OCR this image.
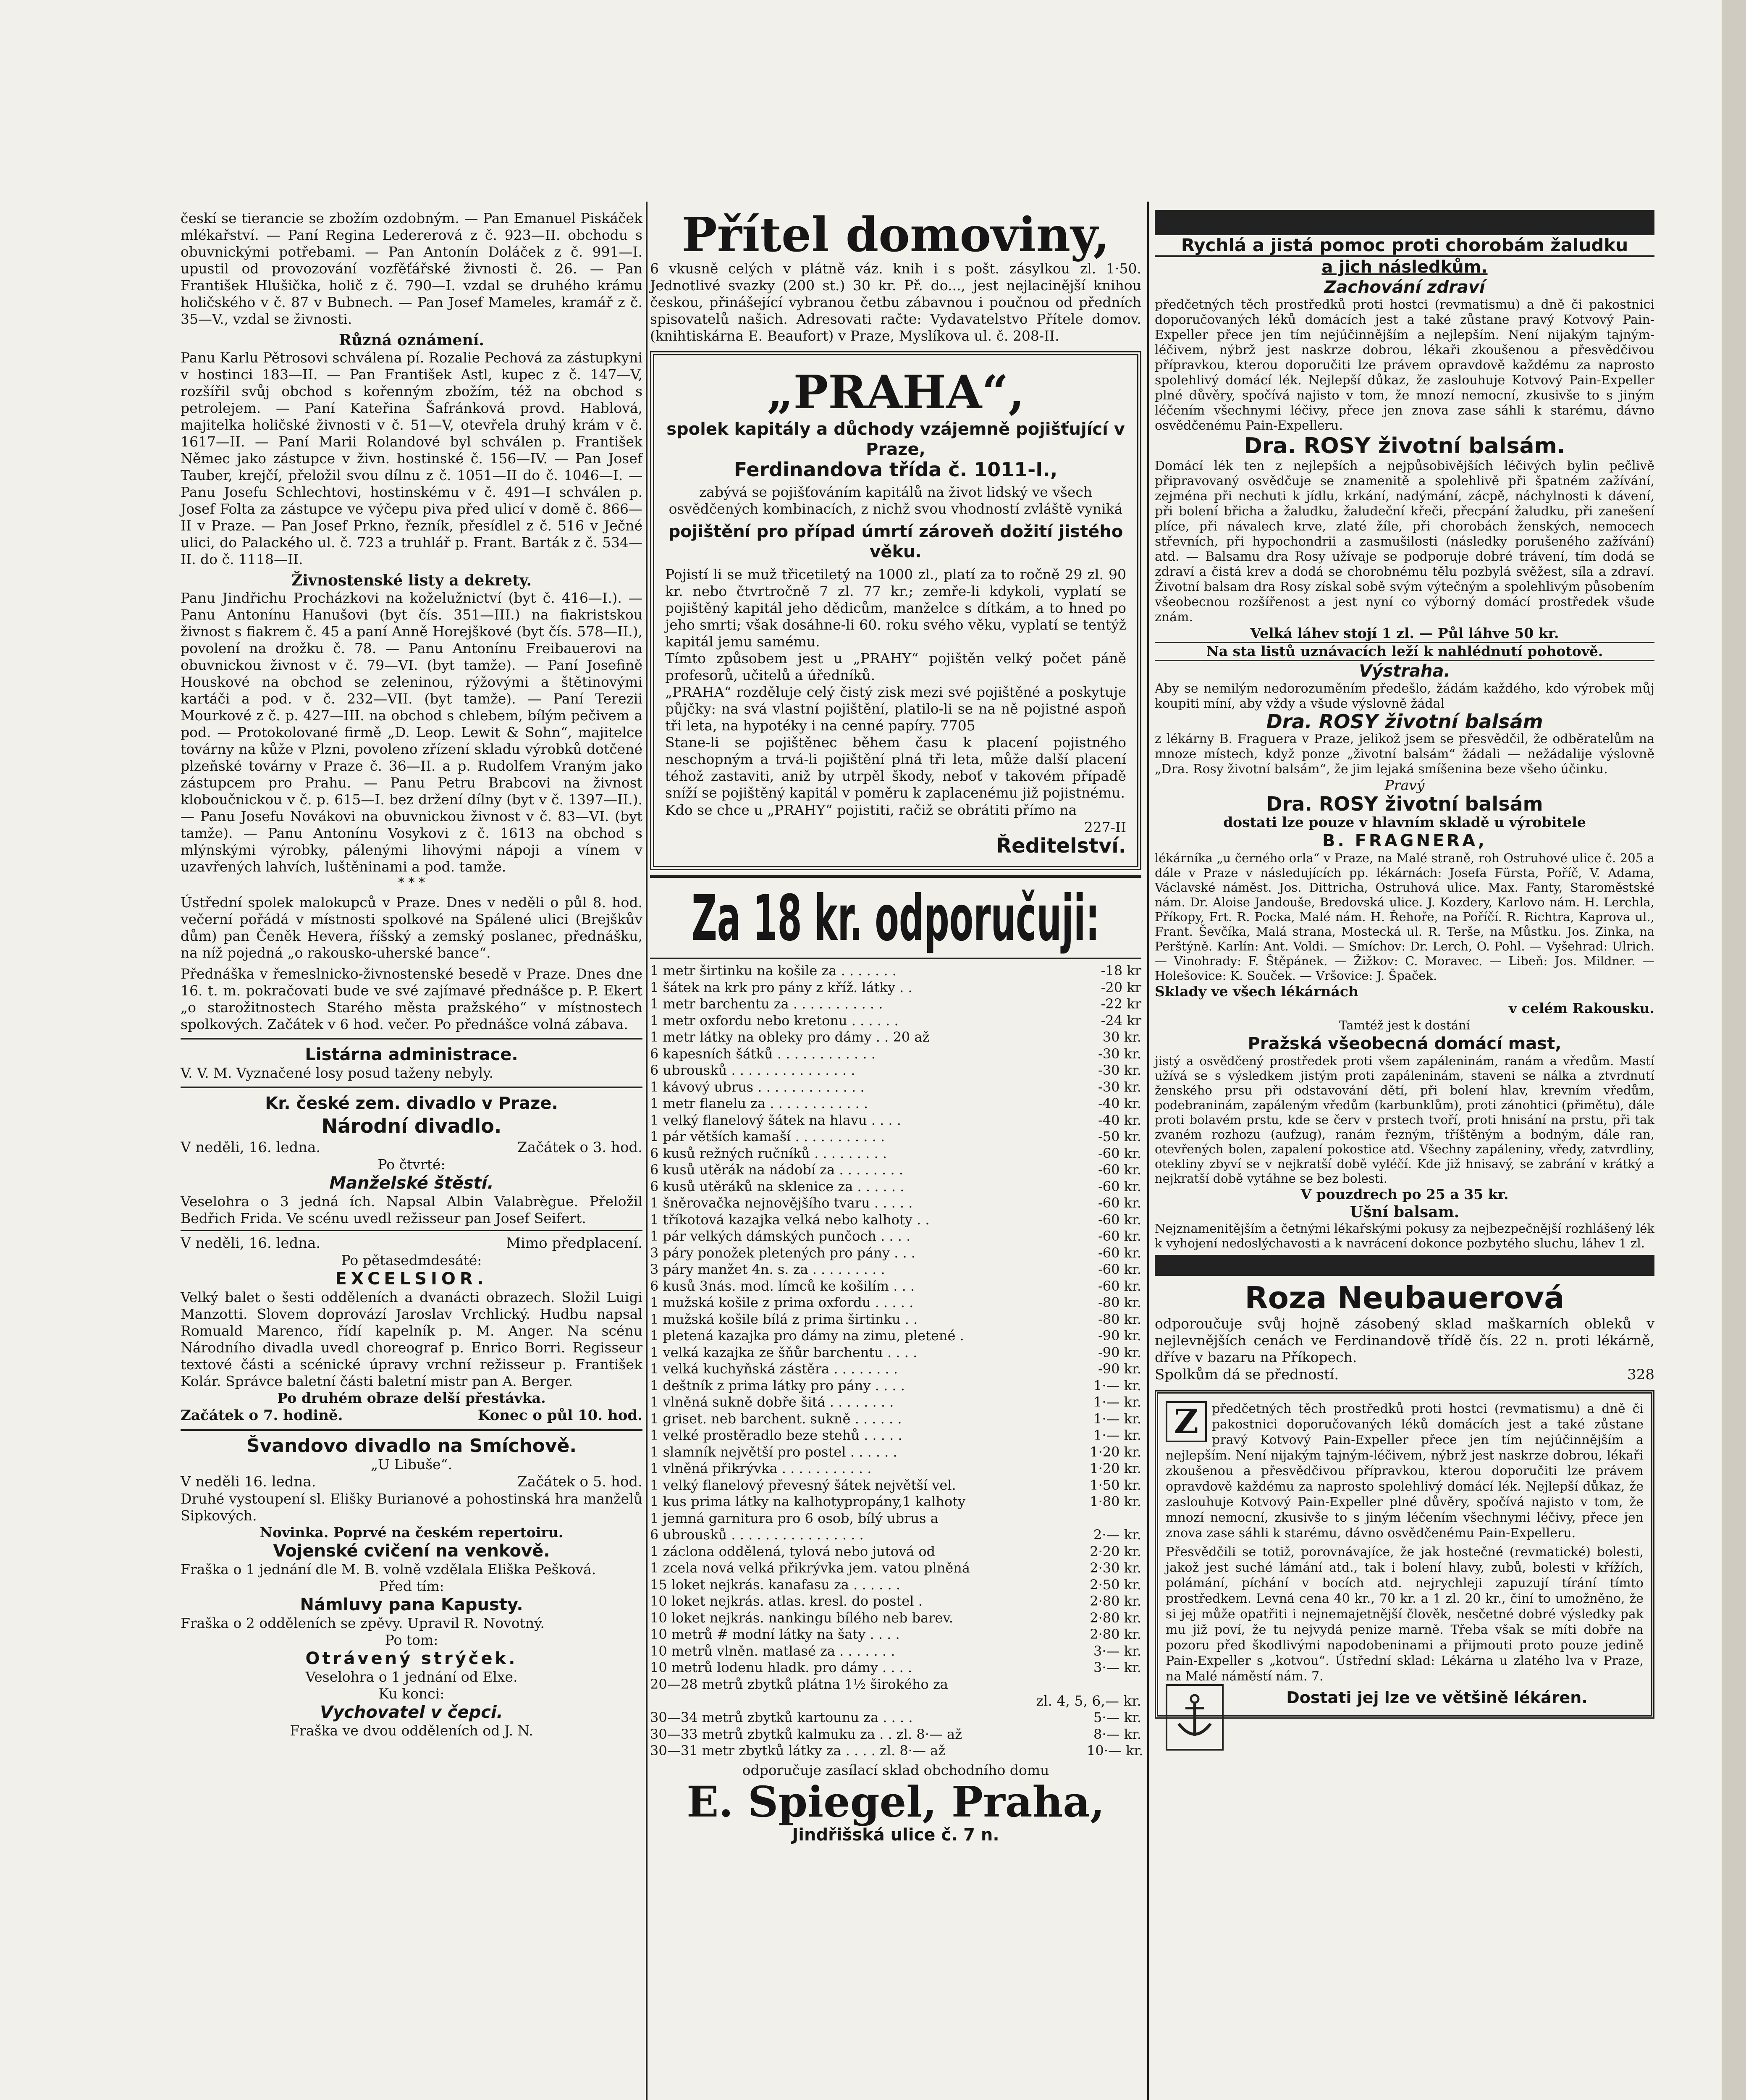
českí se tierancie se zbožím ozdobným. — Pan Emanuel Piskáček mlékařství. — Paní Regina Ledererová z č. 923—II. obchodu s obuvnickými potřebami. — Pan Antonín Doláček z č. 991—I. upustil od provozování vozfěťářské živnosti č. 26. — Pan František Hlušička, holič z č. 790—I. vzdal se druhého krámu holičského v č. 87 v Bubnech. — Pan Josef Mameles, kramář z č. 35—V., vzdal se živnosti.

Různá oznámení.

Panu Karlu Pětrosovi schválena pí. Rozalie Pechová za zástupkyni v hostinci 183—II. — Pan František Astl, kupec z č. 147—V, rozšířil svůj obchod s kořenným zbožím, též na obchod s petrolejem. — Paní Kateřina Šafránková provd. Hablová, majitelka holičské živnosti v č. 51—V, otevřela druhý krám v č. 1617—II. — Paní Marii Rolandové byl schválen p. František Němec jako zástupce v živn. hostinské č. 156—IV. — Pan Josef Tauber, krejčí, přeložil svou dílnu z č. 1051—II do č. 1046—I. — Panu Josefu Schlechtovi, hostinskému v č. 491—I schválen p. Josef Folta za zástupce ve výčepu piva před ulicí v domě č. 866—II v Praze. — Pan Josef Prkno, řezník, přesídlel z č. 516 v Ječné ulici, do Palackého ul. č. 723 a truhlář p. Frant. Barták z č. 534—II. do č. 1118—II.

Živnostenské listy a dekrety.

Panu Jindřichu Procházkovi na koželužnictví (byt č. 416—I.). — Panu Antonínu Hanušovi (byt čís. 351—III.) na fiakristskou živnost s fiakrem č. 45 a paní Anně Horejškové (byt čís. 578—II.), povolení na drožku č. 78. — Panu Antonínu Freibauerovi na obuvnickou živnost v č. 79—VI. (byt tamže). — Paní Josefině Houskové na obchod se zeleninou, rýžovými a štětinovými kartáči a pod. v č. 232—VII. (byt tamže). — Paní Terezii Mourkové z č. p. 427—III. na obchod s chlebem, bílým pečivem a pod. — Protokolované firmě „D. Leop. Lewit & Sohn“, majitelce továrny na kůže v Plzni, povoleno zřízení skladu výrobků dotčené plzeňské továrny v Praze č. 36—II. a p. Rudolfem Vraným jako zástupcem pro Prahu. — Panu Petru Brabcovi na živnost kloboučnickou v č. p. 615—I. bez držení dílny (byt v č. 1397—II.). — Panu Josefu Novákovi na obuvnickou živnost v č. 83—VI. (byt tamže). — Panu Antonínu Vosykovi z č. 1613 na obchod s mlýnskými výrobky, pálenými lihovými nápoji a vínem v uzavřených lahvích, luštěninami a pod. tamže.

* * *

Ústřední spolek malokupců v Praze. Dnes v neděli o půl 8. hod. večerní pořádá v místnosti spolkové na Spálené ulici (Brejškův dům) pan Čeněk Hevera, říšský a zemský poslanec, přednášku, na níž pojedná „o rakousko-uherské bance“.

Přednáška v řemeslnicko-živnostenské besedě v Praze. Dnes dne 16. t. m. pokračovati bude ve své zajímavé přednášce p. P. Ekert „o starožitnostech Starého města pražského“ v místnostech spolkových. Začátek v 6 hod. večer. Po přednášce volná zábava.

Listárna administrace.

V. V. M. Vyznačené losy posud taženy nebyly.

Kr. české zem. divadlo v Praze.

Národní divadlo.

V neděli, 16. ledna.	Začátek o 3. hod.

Po čtvrté:

Manželské štěstí.

Veselohra o 3 jedná ích. Napsal Albin Valabrègue. Přeložil Bedřich Frida. Ve scénu uvedl režisseur pan Josef Seifert.

V neděli, 16. ledna.	Mimo předplacení.

Po pětasedmdesáté:

EXCELSIOR.

Velký balet o šesti odděleních a dvanácti obrazech. Složil Luigi Manzotti. Slovem doprovází Jaroslav Vrchlický. Hudbu napsal Romuald Marenco, řídí kapelník p. M. Anger. Na scénu Národního divadla uvedl choreograf p. Enrico Borri. Regisseur textové části a scénické úpravy vrchní režisseur p. František Kolár. Správce baletní části baletní mistr pan A. Berger.

Po druhém obraze delší přestávka.

Začátek o 7. hodině.	Konec o půl 10. hod.

Švandovo divadlo na Smíchově.

„U Libuše“.

V neděli 16. ledna.	Začátek o 5. hod.

Druhé vystoupení sl. Elišky Burianové a pohostinská hra manželů Sipkových.

Novinka. Poprvé na českém repertoiru.

Vojenské cvičení na venkově.

Fraška o 1 jednání dle M. B. volně vzdělala Eliška Pešková.

Před tím:

Námluvy pana Kapusty.

Fraška o 2 odděleních se zpěvy. Upravil R. Novotný.

Po tom:

Otrávený strýček.

Veselohra o 1 jednání od Elxe.

Ku konci:

Vychovatel v čepci.

Fraška ve dvou odděleních od J. N.

Přítel domoviny,

6 vkusně celých v plátně váz. knih i s pošt. zásylkou zl. 1·50. Jednotlivé svazky (200 st.) 30 kr. Př. do..., jest nejlacinější knihou českou, přinášející vybranou četbu zábavnou i poučnou od předních spisovatelů našich. Adresovati račte: Vydavatelstvo Přítele domov. (knihtiskárna E. Beaufort) v Praze, Myslíkova ul. č. 208-II.

„PRAHA“,

spolek kapitály a důchody vzájemně pojišťující v Praze,

Ferdinandova třída č. 1011-I.,

zabývá se pojišťováním kapitálů na život lidský ve všech osvědčených kombinacích, z nichž svou vhodností zvláště vyniká

pojištění pro případ úmrtí zároveň dožití jistého věku.

Pojistí li se muž třicetiletý na 1000 zl., platí za to ročně 29 zl. 90 kr. nebo čtvrtročně 7 zl. 77 kr.; zemře-li kdykoli, vyplatí se pojištěný kapitál jeho dědicům, manželce s dítkám, a to hned po jeho smrti; však dosáhne-li 60. roku svého věku, vyplatí se tentýž kapitál jemu samému.

Tímto způsobem jest u „PRAHY“ pojištěn velký počet páně profesorů, učitelů a úředníků.

„PRAHA“ rozděluje celý čistý zisk mezi své pojištěné a poskytuje půjčky: na svá vlastní pojištění, platilo-li se na ně pojistné aspoň tři leta, na hypotéky i na cenné papíry. 7705

Stane-li se pojištěnec během času k placení pojistného neschopným a trvá-li pojištění plná tři leta, může další placení téhož zastaviti, aniž by utrpěl škody, neboť v takovém případě sníží se pojištěný kapitál v poměru k zaplacenému již pojistnému.

Kdo se chce u „PRAHY“ pojistiti, račiž se obrátiti přímo na

227-II

Ředitelství.

Za 18 kr. odporučuji:

1 metr širtinku na košile za . . . . . . .	-18 kr
1 šátek na krk pro pány z kříž. látky . .	-20 kr
1 metr barchentu za . . . . . . . . . . .	-22 kr
1 metr oxfordu nebo kretonu . . . . . .	-24 kr
1 metr látky na obleky pro dámy . . 20 až	30 kr.
6 kapesních šátků . . . . . . . . . . . .	-30 kr.
6 ubrousků . . . . . . . . . . . . . . .	-30 kr.
1 kávový ubrus . . . . . . . . . . . . .	-30 kr.
1 metr flanelu za . . . . . . . . . . . .	-40 kr.
1 velký flanelový šátek na hlavu . . . .	-40 kr.
1 pár větších kamaší . . . . . . . . . . .	-50 kr.
6 kusů režných ručníků . . . . . . . . .	-60 kr.
6 kusů utěrák na nádobí za . . . . . . . .	-60 kr.
6 kusů utěráků na sklenice za . . . . . .	-60 kr.
1 šněrovačka nejnovějšího tvaru . . . . .	-60 kr.
1 tříkotová kazajka velká nebo kalhoty . .	-60 kr.
1 pár velkých dámských punčoch . . . .	-60 kr.
3 páry ponožek pletených pro pány . . .	-60 kr.
3 páry manžet 4n. s. za . . . . . . . . .	-60 kr.
6 kusů 3nás. mod. límců ke košilím . . .	-60 kr.
1 mužská košile z prima oxfordu . . . . .	-80 kr.
1 mužská košile bílá z prima širtinku . .	-80 kr.
1 pletená kazajka pro dámy na zimu, pletené .	-90 kr.
1 velká kazajka ze šňůr barchentu . . . .	-90 kr.
1 velká kuchyňská zástěra . . . . . . . .	-90 kr.
1 deštník z prima látky pro pány . . . .	1·— kr.
1 vlněná sukně dobře šitá . . . . . . . .	1·— kr.
1 griset. neb barchent. sukně . . . . . .	1·— kr.
1 velké prostěradlo beze stehů . . . . .	1·— kr.
1 slamník největší pro postel . . . . . .	1·20 kr.
1 vlněná přikrývka . . . . . . . . . . .	1·20 kr.
1 velký flanelový převesný šátek největší vel.	1·50 kr.
1 kus prima látky na kalhotypropány,1 kalhoty	1·80 kr.
1 jemná garnitura pro 6 osob, bílý ubrus a
6 ubrousků . . . . . . . . . . . . . . . .	2·— kr.
1 záclona oddělená, tylová nebo jutová od	2·20 kr.
1 zcela nová velká přikrývka jem. vatou plněná	2·30 kr.
15 loket nejkrás. kanafasu za . . . . . .	2·50 kr.
10 loket nejkrás. atlas. kresl. do postel .	2·80 kr.
10 loket nejkrás. nankingu bílého neb barev.	2·80 kr.
10 metrů # modní látky na šaty . . . .	2·80 kr.
10 metrů vlněn. matlasé za . . . . . . .	3·— kr.
10 metrů lodenu hladk. pro dámy . . . .	3·— kr.
20—28 metrů zbytků plátna 1½ širokého za

zl. 4, 5, 6,— kr.

30—34 metrů zbytků kartounu za . . . .	5·— kr.
30—33 metrů zbytků kalmuku za . . zl. 8·— až	8·— kr.
30—31 metr zbytků látky za . . . . zl. 8·— až	10·— kr.

odporučuje zasílací sklad obchodního domu

E. Spiegel, Praha,

Jindřišská ulice č. 7 n.

Rychlá a jistá pomoc proti chorobám žaludku

a jich následkům.

Zachování zdraví

předčetných těch prostředků proti hostci (revmatismu) a dně či pakostnici doporučovaných léků domácích jest a také zůstane pravý Kotvový Pain-Expeller přece jen tím nejúčinnějším a nejlepším. Není nijakým tajným-léčivem, nýbrž jest naskrze dobrou, lékaři zkoušenou a přesvědčivou přípravkou, kterou doporučiti lze právem opravdově každému za naprosto spolehlivý domácí lék. Nejlepší důkaz, že zaslouhuje Kotvový Pain-Expeller plné důvěry, spočívá najisto v tom, že mnozí nemocní, zkusivše to s jiným léčením všechnymi léčivy, přece jen znova zase sáhli k starému, dávno osvědčenému Pain-Expelleru.

Dra. ROSY životní balsám.

Domácí lék ten z nejlepších a nejpůsobivějších léčivých bylin pečlivě připravovaný osvědčuje se znamenitě a spolehlivě při špatném zažívání, zejména při nechuti k jídlu, krkání, nadýmání, zácpě, náchylnosti k dávení, při bolení břicha a žaludku, žaludeční křeči, přecpání žaludku, při zanešení plíce, při návalech krve, zlaté žíle, při chorobách ženských, nemocech střevních, při hypochondrii a zasmušilosti (následky porušeného zažívání) atd. — Balsamu dra Rosy užívaje se podporuje dobré trávení, tím dodá se zdraví a čistá krev a dodá se chorobnému tělu pozbylá svěžest, síla a zdraví. Životní balsam dra Rosy získal sobě svým výtečným a spolehlivým působením všeobecnou rozšířenost a jest nyní co výborný domácí prostředek všude znám.

Velká láhev stojí 1 zl. — Půl láhve 50 kr.

Na sta listů uznávacích leží k nahlédnutí pohotově.

Výstraha.

Aby se nemilým nedorozuměním předešlo, žádám každého, kdo výrobek můj koupiti míní, aby vždy a všude výslovně žádal

Dra. ROSY životní balsám

z lékárny B. Fraguera v Praze, jelikož jsem se přesvědčil, že odběratelům na mnoze místech, když ponze „životní balsám“ žádali — nežádalije výslovně „Dra. Rosy životní balsám“, že jim lejaká smíšenina beze všeho účinku.

Pravý

Dra. ROSY životní balsám

dostati lze pouze v hlavním skladě u výrobitele

B. FRAGNERA,

lékárníka „u černého orla“ v Praze, na Malé straně, roh Ostruhové ulice č. 205 a dále v Praze v následujících pp. lékárnách: Josefa Fürsta, Poříč, V. Adama, Václavské náměst. Jos. Dittricha, Ostruhová ulice. Max. Fanty, Staroměstské nám. Dr. Aloise Jandouše, Bredovská ulice. J. Kozdery, Karlovo nám. H. Lerchla, Příkopy, Frt. R. Pocka, Malé nám. H. Řehoře, na Poříčí. R. Richtra, Kaprova ul., Frant. Ševčíka, Malá strana, Mostecká ul. R. Terše, na Můstku. Jos. Zinka, na Perštýně. Karlín: Ant. Voldi. — Smíchov: Dr. Lerch, O. Pohl. — Vyšehrad: Ulrich. — Vinohrady: F. Štěpánek. — Žižkov: C. Moravec. — Libeň: Jos. Mildner. — Holešovice: K. Souček. — Vršovice: J. Špaček.

Sklady ve všech lékárnách

v celém Rakousku.

Tamtéž jest k dostání

Pražská všeobecná domácí mast,

jistý a osvědčený prostředek proti všem zapáleninám, ranám a vředům. Mastí užívá se s výsledkem jistým proti zapáleninám, staveni se nálka a ztvrdnutí ženského prsu při odstavování dětí, při bolení hlav, krevním vředům, podebraninám, zapáleným vředům (karbunklům), proti zánohtici (přimětu), dále proti bolavém prstu, kde se červ v prstech tvoří, proti hnisání na prstu, při tak zvaném rozhozu (aufzug), ranám řezným, tříštěným a bodným, dále ran, otevřených bolen, zapalení pokostice atd. Všechny zapáleniny, vředy, zatvrdliny, otekliny zbyví se v nejkratší době vyléčí. Kde již hnisavý, se zabrání v krátký a nejkratší době vytáhne se bez bolesti.

V pouzdrech po 25 a 35 kr.

Ušní balsam.

Nejznamenitějším a četnými lékařskými pokusy za nejbezpečnější rozhlášený lék k vyhojení nedoslýchavosti a k navrácení dokonce pozbytého sluchu, láhev 1 zl.

Roza Neubauerová

odporoučuje svůj hojně zásobený sklad maškarních obleků v nejlevnějších cenách ve Ferdinandově třídě čís. 22 n. proti lékárně, dříve v bazaru na Příkopech.

Spolkům dá se předností.	328
Z	předčetných těch prostředků proti hostci (revmatismu) a dně či pakostnici doporučovaných léků domácích jest a také zůstane pravý Kotvový Pain-Expeller přece jen tím nejúčinnějším a nejlepším. Není nijakým tajným-léčivem, nýbrž jest naskrze dobrou, lékaři zkoušenou a přesvědčivou přípravkou, kterou doporučiti lze právem opravdově každému za naprosto spolehlivý domácí lék. Nejlepší důkaz, že zaslouhuje Kotvový Pain-Expeller plné důvěry, spočívá najisto v tom, že mnozí nemocní, zkusivše to s jiným léčením všechnymi léčivy, přece jen znova zase sáhli k starému, dávno osvědčenému Pain-Expelleru.

Přesvědčili se totiž, porovnávajíce, že jak hostečné (revmatické) bolesti, jakož jest suché lámání atd., tak i bolení hlavy, zubů, bolesti v křížích, polámání, píchání v bocích atd. nejrychleji zapuzují tírání tímto prostředkem. Levná cena 40 kr., 70 kr. a 1 zl. 20 kr., činí to umožněno, že si jej může opatřiti i nejnemajetnější člověk, nesčetné dobré výsledky pak mu již poví, že tu nejvydá penize marně. Třeba však se míti dobře na pozoru před škodlivými napodobeninami a přijmouti proto pouze jedině Pain-Expeller s „kotvou“. Ústřední sklad: Lékárna u zlatého lva v Praze, na Malé náměstí nám. 7.

Dostati jej lze ve většině lékáren.
